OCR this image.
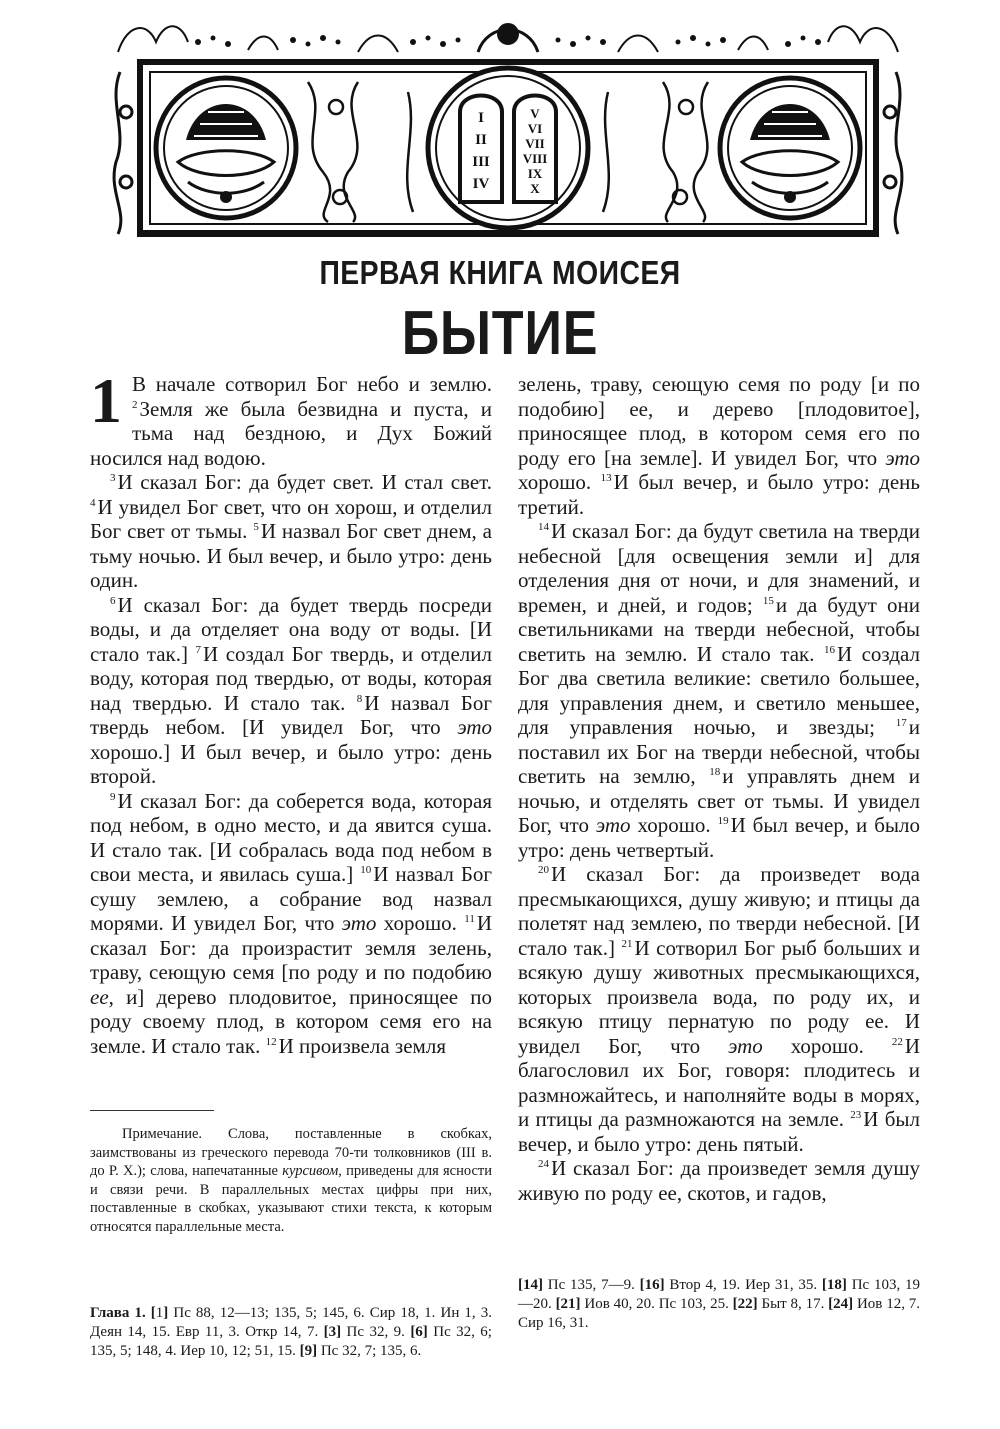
I
II
III
IV
V
VI
VII
VIII
IX
X
ПЕРВАЯ КНИГА МОИСЕЯ
БЫТИЕ
1 В начале сотворил Бог небо и землю. $^2$Земля же была безвидна и пуста, и тьма над бездною, и Дух Божий носился над водою.

$^3$И сказал Бог: да будет свет. И стал свет. $^4$И увидел Бог свет, что он хорош, и отделил Бог свет от тьмы. $^5$И назвал Бог свет днем, а тьму ночью. И был вечер, и было утро: день один.

$^6$И сказал Бог: да будет твердь посреди воды, и да отделяет она воду от воды. [И стало так.] $^7$И создал Бог твердь, и отделил воду, которая под твердью, от воды, которая над твердью. И стало так. $^8$И назвал Бог твердь небом. [И увидел Бог, что это хорошо.] И был вечер, и было утро: день второй.

$^9$И сказал Бог: да соберется вода, которая под небом, в одно место, и да явится суша. И стало так. [И собралась вода под небом в свои места, и явилась суша.] $^{10}$И назвал Бог сушу землею, а собрание вод назвал морями. И увидел Бог, что это хорошо. $^{11}$И сказал Бог: да произрастит земля зелень, траву, сеющую семя [по роду и по подобию ее, и] дерево плодовитое, приносящее по роду своему плод, в котором семя его на земле. И стало так. $^{12}$И произвела земля

зелень, траву, сеющую семя по роду [и по подобию] ее, и дерево [плодовитое], приносящее плод, в котором семя его по роду его [на земле]. И увидел Бог, что это хорошо. $^{13}$И был вечер, и было утро: день третий.

$^{14}$И сказал Бог: да будут светила на тверди небесной [для освещения земли и] для отделения дня от ночи, и для знамений, и времен, и дней, и годов; $^{15}$и да будут они светильниками на тверди небесной, чтобы светить на землю. И стало так. $^{16}$И создал Бог два светила великие: светило большее, для управления днем, и светило меньшее, для управления ночью, и звезды; $^{17}$и поставил их Бог на тверди небесной, чтобы светить на землю, $^{18}$и управлять днем и ночью, и отделять свет от тьмы. И увидел Бог, что это хорошо. $^{19}$И был вечер, и было утро: день четвертый.

$^{20}$И сказал Бог: да произведет вода пресмыкающихся, душу живую; и птицы да полетят над землею, по тверди небесной. [И стало так.] $^{21}$И сотворил Бог рыб больших и всякую душу животных пресмыкающихся, которых произвела вода, по роду их, и всякую птицу пернатую по роду ее. И увидел Бог, что это хорошо. $^{22}$И благословил их Бог, говоря: плодитесь и размножайтесь, и наполняйте воды в морях, и птицы да размножаются на земле. $^{23}$И был вечер, и было утро: день пятый.

$^{24}$И сказал Бог: да произведет земля душу живую по роду ее, скотов, и гадов,

Примечание. Слова, поставленные в скобках, заимствованы из греческого перевода 70-ти толковников (III в. до Р. Х.); слова, напечатанные курсивом, приведены для ясности и связи речи. В параллельных местах цифры при них, поставленные в скобках, указывают стихи текста, к которым относятся параллельные места.

Глава 1. [1] Пс 88, 12—13; 135, 5; 145, 6. Сир 18, 1. Ин 1, 3. Деян 14, 15. Евр 11, 3. Откр 14, 7. [3] Пс 32, 9. [6] Пс 32, 6; 135, 5; 148, 4. Иер 10, 12; 51, 15. [9] Пс 32, 7; 135, 6.
[14] Пс 135, 7—9. [16] Втор 4, 19. Иер 31, 35. [18] Пс 103, 19—20. [21] Иов 40, 20. Пс 103, 25. [22] Быт 8, 17. [24] Иов 12, 7. Сир 16, 31.
